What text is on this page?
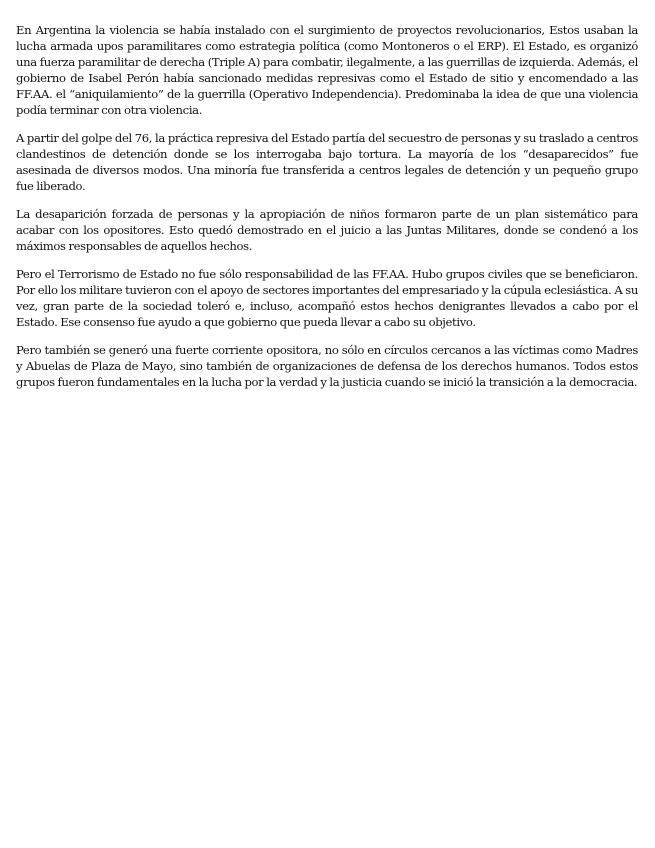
En Argentina la violencia se había instalado con el surgimiento de proyectos revolucionarios, Estos usaban la lucha armada upos paramilitares como estrategia política (como Montoneros o el ERP). El Estado, es organizó una fuerza paramilitar de derecha (Triple A) para combatir, ilegalmente, a las guerrillas de izquierda. Además, el gobierno de Isabel Perón había sancionado medidas represivas como el Estado de sitio y encomendado a las FF.AA. el “aniquilamiento” de la guerrilla (Operativo Independencia). Predominaba la idea de que una violencia podía terminar con otra violencia.

A partir del golpe del 76, la práctica represiva del Estado partía del secuestro de personas y su traslado a centros clandestinos de detención donde se los interrogaba bajo tortura. La mayoría de los “desaparecidos” fue asesinada de diversos modos. Una minoría fue transferida a centros legales de detención y un pequeño grupo fue liberado.

La desaparición forzada de personas y la apropiación de niños formaron parte de un plan sistemático para acabar con los opositores. Esto quedó demostrado en el juicio a las Juntas Militares, donde se condenó a los máximos responsables de aquellos hechos.

Pero el Terrorismo de Estado no fue sólo responsabilidad de las FF.AA. Hubo grupos civiles que se beneficiaron. Por ello los militare tuvieron con el apoyo de sectores importantes del empresariado y la cúpula eclesiástica. A su vez, gran parte de la sociedad toleró e, incluso, acompañó estos hechos denigrantes llevados a cabo por el Estado. Ese consenso fue ayudo a que gobierno que pueda llevar a cabo su objetivo.

Pero también se generó una fuerte corriente opositora, no sólo en círculos cercanos a las víctimas como Madres y Abuelas de Plaza de Mayo, sino también de organizaciones de defensa de los derechos humanos. Todos estos grupos fueron fundamentales en la lucha por la verdad y la justicia cuando se inició la transición a la democracia.
